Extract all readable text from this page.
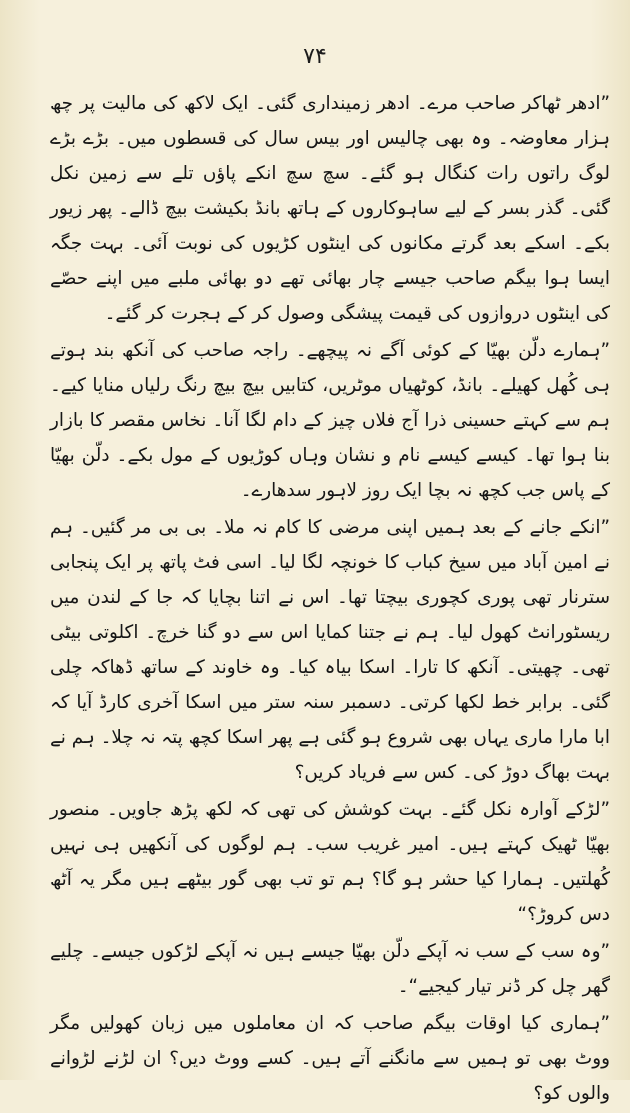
۷۴

”ادھر ٹھاکر صاحب مرے۔ ادھر زمینداری گئی۔ ایک لاکھ کی مالیت پر چھ ہزار معاوضہ۔ وہ بھی چالیس اور بیس سال کی قسطوں میں۔ بڑے بڑے لوگ راتوں رات کنگال ہو گئے۔ سچ سچ انکے پاؤں تلے سے زمین نکل گئی۔ گذر بسر کے لیے ساہوکاروں کے ہاتھ بانڈ بکیشت بیچ ڈالے۔ پھر زیور بکے۔ اسکے بعد گرتے مکانوں کی اینٹوں کڑیوں کی نوبت آئی۔ بہت جگہ ایسا ہوا بیگم صاحب جیسے چار بھائی تھے دو بھائی ملبے میں اپنے حصّے کی اینٹوں دروازوں کی قیمت پیشگی وصول کر کے ہجرت کر گئے۔

”ہمارے دلّن بھیّا کے کوئی آگے نہ پیچھے۔ راجہ صاحب کی آنکھ بند ہوتے ہی کُھل کھیلے۔ بانڈ، کوٹھیاں موٹریں، کتابیں بیچ بیچ رنگ رلیاں منایا کیے۔ ہم سے کہتے حسینی ذرا آج فلاں چیز کے دام لگا آنا۔ نخاس مقصر کا بازار بنا ہوا تھا۔ کیسے کیسے نام و نشان وہاں کوڑیوں کے مول بکے۔ دلّن بھیّا کے پاس جب کچھ نہ بچا ایک روز لاہور سدھارے۔

”انکے جانے کے بعد ہمیں اپنی مرضی کا کام نہ ملا۔ بی بی مر گئیں۔ ہم نے امین آباد میں سیخ کباب کا خونچہ لگا لیا۔ اسی فٹ پاتھ پر ایک پنجابی سترنار تھی پوری کچوری بیچتا تھا۔ اس نے اتنا بچایا کہ جا کے لندن میں ریسٹورانٹ کھول لیا۔ ہم نے جتنا کمایا اس سے دو گنا خرچ۔ اکلوتی بیٹی تھی۔ چھیتی۔ آنکھ کا تارا۔ اسکا بیاہ کیا۔ وہ خاوند کے ساتھ ڈھاکہ چلی گئی۔ برابر خط لکھا کرتی۔ دسمبر سنہ ستر میں اسکا آخری کارڈ آیا کہ ابا مارا ماری یہاں بھی شروع ہو گئی ہے پھر اسکا کچھ پتہ نہ چلا۔ ہم نے بہت بھاگ دوڑ کی۔ کس سے فریاد کریں؟

”لڑکے آوارہ نکل گئے۔ بہت کوشش کی تھی کہ لکھ پڑھ جاویں۔ منصور بھیّا ٹھیک کہتے ہیں۔ امیر غریب سب۔ ہم لوگوں کی آنکھیں ہی نہیں کُھلتیں۔ ہمارا کیا حشر ہو گا؟ ہم تو تب بھی گور بیٹھے ہیں مگر یہ آٹھ دس کروڑ؟“

”وہ سب کے سب نہ آپکے دلّن بھیّا جیسے ہیں نہ آپکے لڑکوں جیسے۔ چلیے گھر چل کر ڈنر تیار کیجیے“۔

”ہماری کیا اوقات بیگم صاحب کہ ان معاملوں میں زبان کھولیں مگر ووٹ بھی تو ہمیں سے مانگنے آتے ہیں۔ کسے ووٹ دیں؟ ان لڑنے لڑوانے والوں کو؟
